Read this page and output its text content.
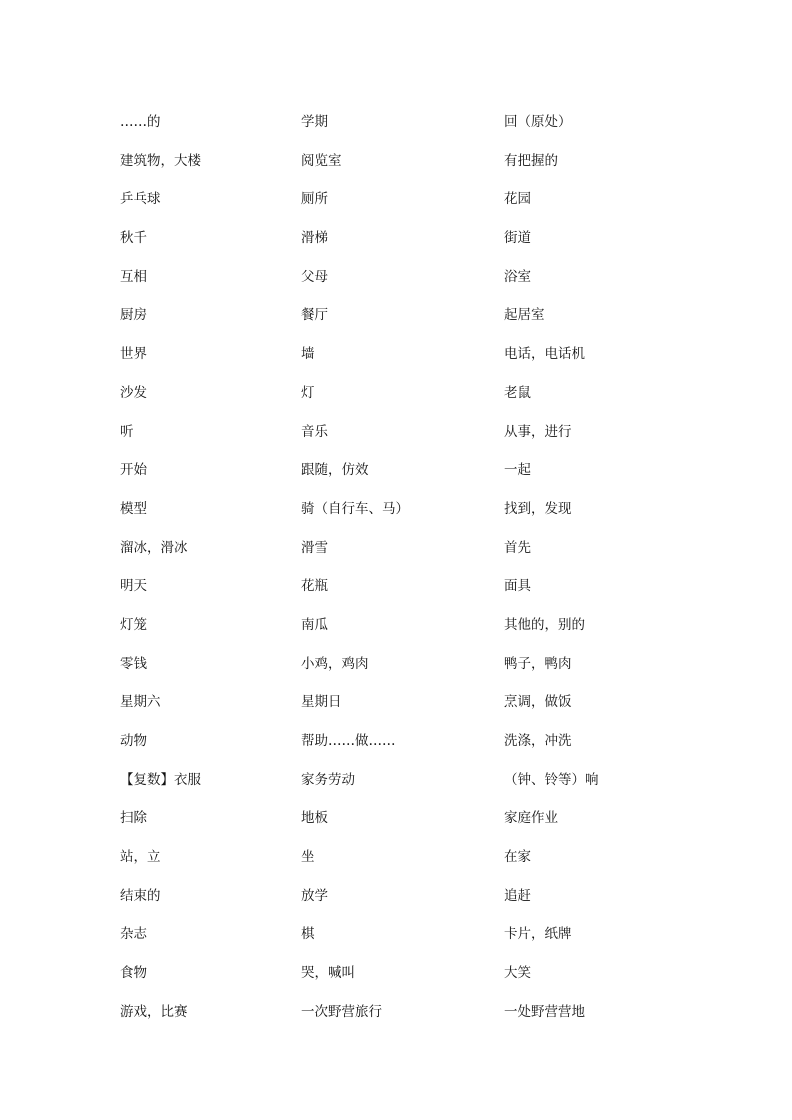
……的	学期	回（原处）
建筑物，大楼	阅览室	有把握的
乒乓球	厕所	花园
秋千	滑梯	街道
互相	父母	浴室
厨房	餐厅	起居室
世界	墙	电话，电话机
沙发	灯	老鼠
听	音乐	从事，进行
开始	跟随，仿效	一起
模型	骑（自行车、马）	找到，发现
溜冰，滑冰	滑雪	首先
明天	花瓶	面具
灯笼	南瓜	其他的，别的
零钱	小鸡，鸡肉	鸭子，鸭肉
星期六	星期日	烹调，做饭
动物	帮助……做……	洗涤，冲洗
【复数】衣服	家务劳动	（钟、铃等）响
扫除	地板	家庭作业
站，立	坐	在家
结束的	放学	追赶
杂志	棋	卡片，纸牌
食物	哭，喊叫	大笑
游戏，比赛	一次野营旅行	一处野营营地
